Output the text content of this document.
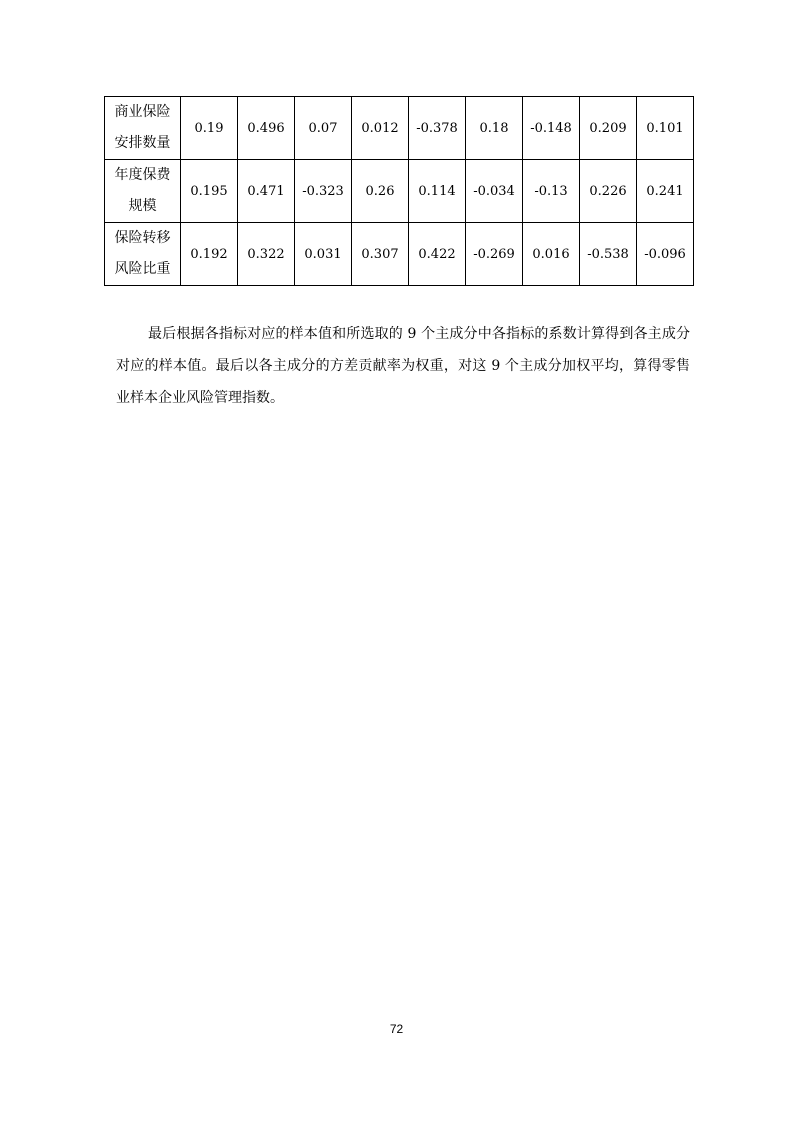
商业保险安排数量	0.19	0.496	0.07	0.012	-0.378	0.18	-0.148	0.209	0.101
年度保费规模	0.195	0.471	-0.323	0.26	0.114	-0.034	-0.13	0.226	0.241
保险转移风险比重	0.192	0.322	0.031	0.307	0.422	-0.269	0.016	-0.538	-0.096

最后根据各指标对应的样本值和所选取的 9 个主成分中各指标的系数计算得到各主成分对应的样本值。最后以各主成分的方差贡献率为权重，对这 9 个主成分加权平均，算得零售业样本企业风险管理指数。

72
